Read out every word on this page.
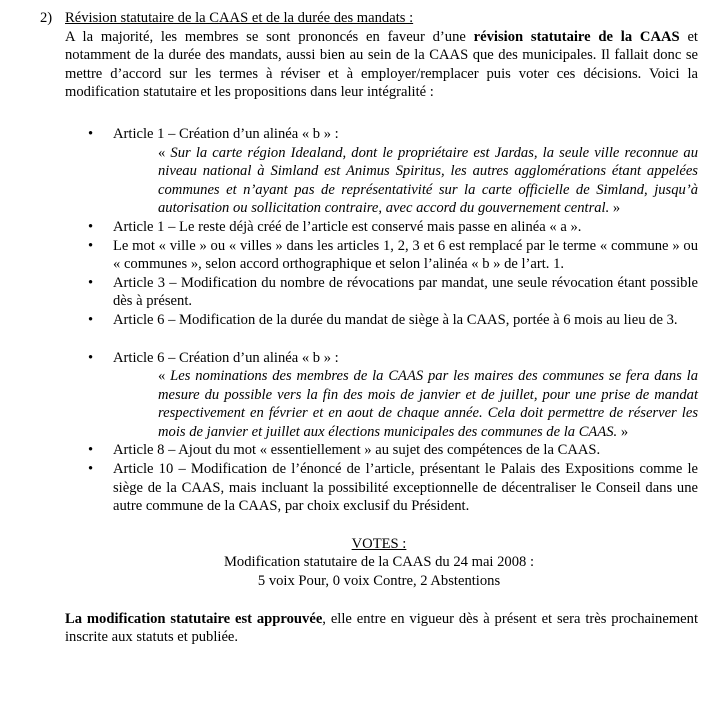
2) Révision statutaire de la CAAS et de la durée des mandats :
A la majorité, les membres se sont prononcés en faveur d’une révision statutaire de la CAAS et notamment de la durée des mandats, aussi bien au sein de la CAAS que des municipales. Il fallait donc se mettre d’accord sur les termes à réviser et à employer/remplacer puis voter ces décisions. Voici la modification statutaire et les propositions dans leur intégralité :
• Article 1 – Création d’un alinéa « b » :
« Sur la carte région Idealand, dont le propriétaire est Jardas, la seule ville reconnue au niveau national à Simland est Animus Spiritus, les autres agglomérations étant appelées communes et n’ayant pas de représentativité sur la carte officielle de Simland, jusqu’à autorisation ou sollicitation contraire, avec accord du gouvernement central. »
• Article 1 – Le reste déjà créé de l’article est conservé mais passe en alinéa « a ».
• Le mot « ville » ou « villes » dans les articles 1, 2, 3 et 6 est remplacé par le terme « commune » ou « communes », selon accord orthographique et selon l’alinéa « b » de l’art. 1.
• Article 3 – Modification du nombre de révocations par mandat, une seule révocation étant possible dès à présent.
• Article 6 – Modification de la durée du mandat de siège à la CAAS, portée à 6 mois au lieu de 3.
• Article 6 – Création d’un alinéa « b » :
« Les nominations des membres de la CAAS par les maires des communes se fera dans la mesure du possible vers la fin des mois de janvier et de juillet, pour une prise de mandat respectivement en février et en aout de chaque année. Cela doit permettre de réserver les mois de janvier et juillet aux élections municipales des communes de la CAAS. »
• Article 8 – Ajout du mot « essentiellement » au sujet des compétences de la CAAS.
• Article 10 – Modification de l’énoncé de l’article, présentant le Palais des Expositions comme le siège de la CAAS, mais incluant la possibilité exceptionnelle de décentraliser le Conseil dans une autre commune de la CAAS, par choix exclusif du Président.
VOTES :
Modification statutaire de la CAAS du 24 mai 2008 :
5 voix Pour, 0 voix Contre, 2 Abstentions
La modification statutaire est approuvée, elle entre en vigueur dès à présent et sera très prochainement inscrite aux statuts et publiée.
